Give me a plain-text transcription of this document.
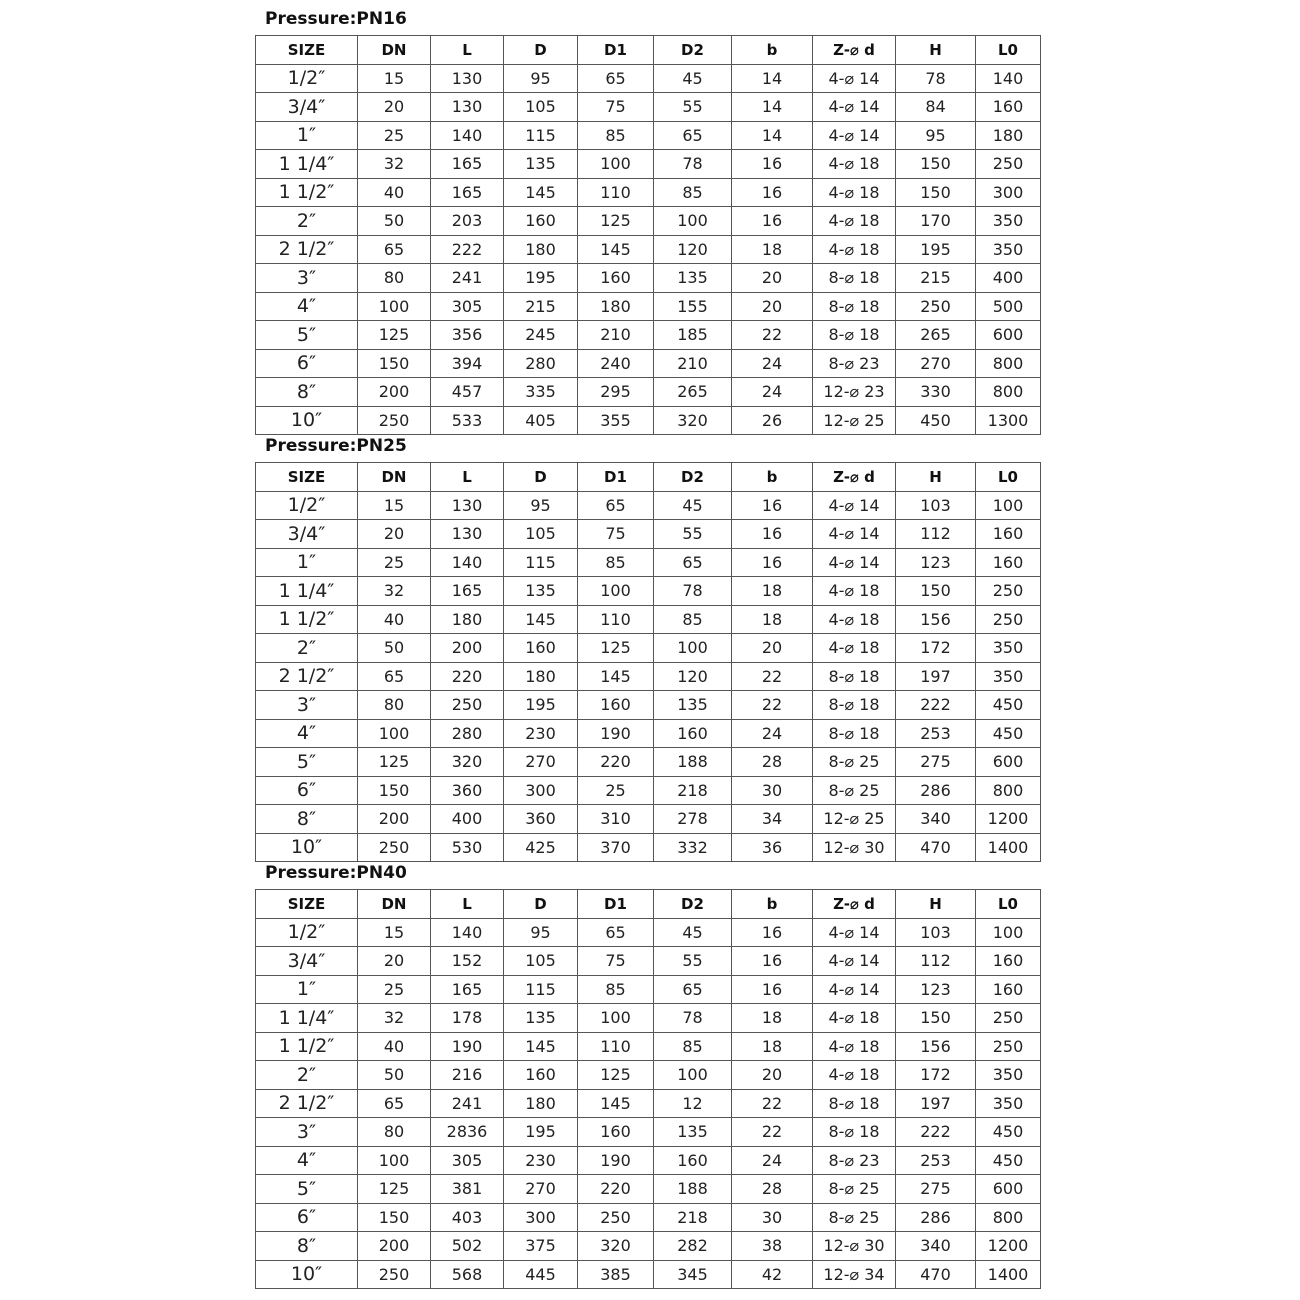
Pressure:PN16
SIZE	DN	L	D	D1	D2	b	Z-⌀ d	H	L0
1/2″	15	130	95	65	45	14	4-⌀ 14	78	140
3/4″	20	130	105	75	55	14	4-⌀ 14	84	160
1″	25	140	115	85	65	14	4-⌀ 14	95	180
1 1/4″	32	165	135	100	78	16	4-⌀ 18	150	250
1 1/2″	40	165	145	110	85	16	4-⌀ 18	150	300
2″	50	203	160	125	100	16	4-⌀ 18	170	350
2 1/2″	65	222	180	145	120	18	4-⌀ 18	195	350
3″	80	241	195	160	135	20	8-⌀ 18	215	400
4″	100	305	215	180	155	20	8-⌀ 18	250	500
5″	125	356	245	210	185	22	8-⌀ 18	265	600
6″	150	394	280	240	210	24	8-⌀ 23	270	800
8″	200	457	335	295	265	24	12-⌀ 23	330	800
10″	250	533	405	355	320	26	12-⌀ 25	450	1300
Pressure:PN25
SIZE	DN	L	D	D1	D2	b	Z-⌀ d	H	L0
1/2″	15	130	95	65	45	16	4-⌀ 14	103	100
3/4″	20	130	105	75	55	16	4-⌀ 14	112	160
1″	25	140	115	85	65	16	4-⌀ 14	123	160
1 1/4″	32	165	135	100	78	18	4-⌀ 18	150	250
1 1/2″	40	180	145	110	85	18	4-⌀ 18	156	250
2″	50	200	160	125	100	20	4-⌀ 18	172	350
2 1/2″	65	220	180	145	120	22	8-⌀ 18	197	350
3″	80	250	195	160	135	22	8-⌀ 18	222	450
4″	100	280	230	190	160	24	8-⌀ 18	253	450
5″	125	320	270	220	188	28	8-⌀ 25	275	600
6″	150	360	300	25	218	30	8-⌀ 25	286	800
8″	200	400	360	310	278	34	12-⌀ 25	340	1200
10″	250	530	425	370	332	36	12-⌀ 30	470	1400
Pressure:PN40
SIZE	DN	L	D	D1	D2	b	Z-⌀ d	H	L0
1/2″	15	140	95	65	45	16	4-⌀ 14	103	100
3/4″	20	152	105	75	55	16	4-⌀ 14	112	160
1″	25	165	115	85	65	16	4-⌀ 14	123	160
1 1/4″	32	178	135	100	78	18	4-⌀ 18	150	250
1 1/2″	40	190	145	110	85	18	4-⌀ 18	156	250
2″	50	216	160	125	100	20	4-⌀ 18	172	350
2 1/2″	65	241	180	145	12	22	8-⌀ 18	197	350
3″	80	2836	195	160	135	22	8-⌀ 18	222	450
4″	100	305	230	190	160	24	8-⌀ 23	253	450
5″	125	381	270	220	188	28	8-⌀ 25	275	600
6″	150	403	300	250	218	30	8-⌀ 25	286	800
8″	200	502	375	320	282	38	12-⌀ 30	340	1200
10″	250	568	445	385	345	42	12-⌀ 34	470	1400
